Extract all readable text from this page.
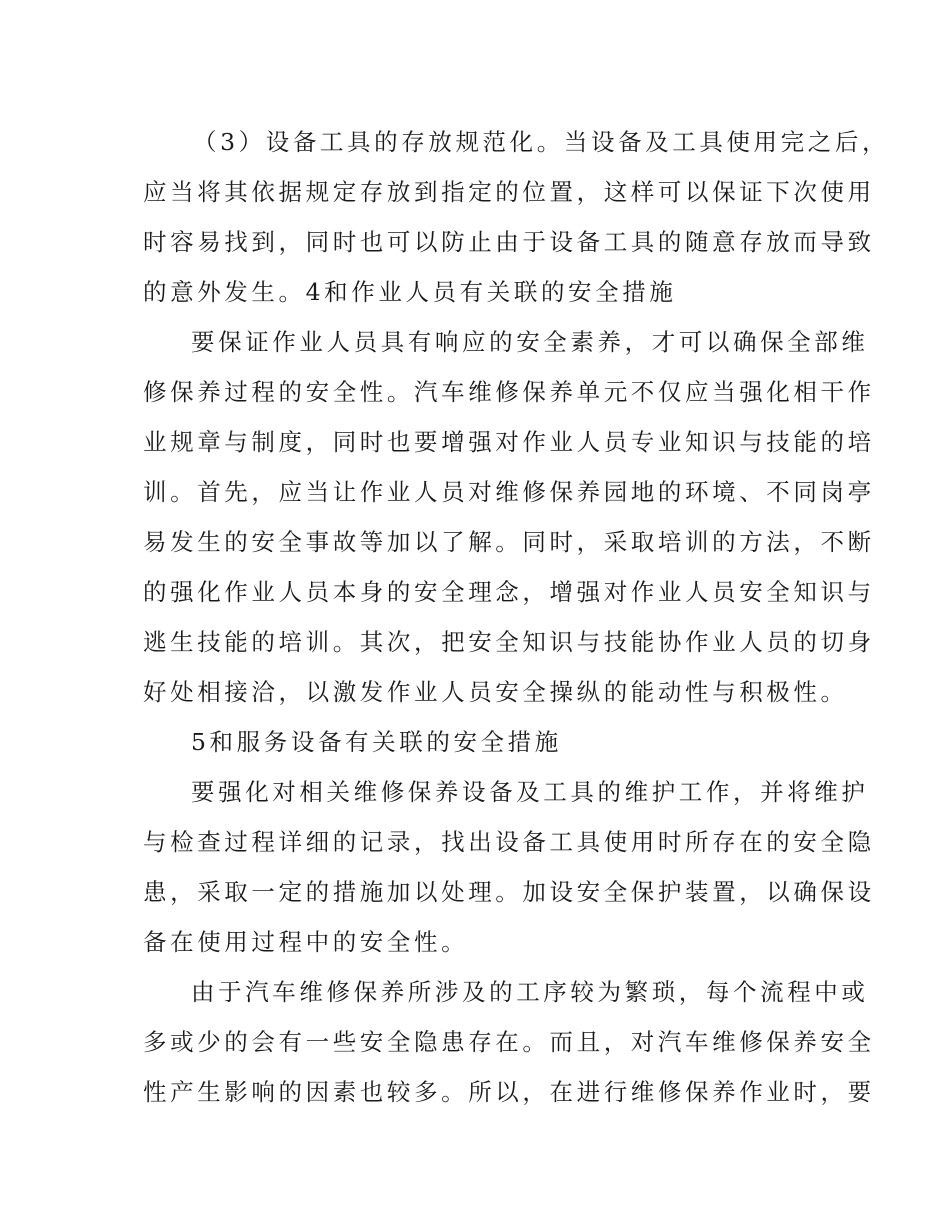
（3）设备工具的存放规范化。当设备及工具使用完之后，
应当将其依据规定存放到指定的位置，这样可以保证下次使用
时容易找到，同时也可以防止由于设备工具的随意存放而导致
的意外发生。4和作业人员有关联的安全措施
要保证作业人员具有响应的安全素养，才可以确保全部维
修保养过程的安全性。汽车维修保养单元不仅应当强化相干作
业规章与制度，同时也要增强对作业人员专业知识与技能的培
训。首先，应当让作业人员对维修保养园地的环境、不同岗亭
易发生的安全事故等加以了解。同时，采取培训的方法，不断
的强化作业人员本身的安全理念，增强对作业人员安全知识与
逃生技能的培训。其次，把安全知识与技能协作业人员的切身
好处相接洽，以激发作业人员安全操纵的能动性与积极性。
5和服务设备有关联的安全措施
要强化对相关维修保养设备及工具的维护工作，并将维护
与检查过程详细的记录，找出设备工具使用时所存在的安全隐
患，采取一定的措施加以处理。加设安全保护装置，以确保设
备在使用过程中的安全性。
由于汽车维修保养所涉及的工序较为繁琐，每个流程中或
多或少的会有一些安全隐患存在。而且，对汽车维修保养安全
性产生影响的因素也较多。所以，在进行维修保养作业时，要
